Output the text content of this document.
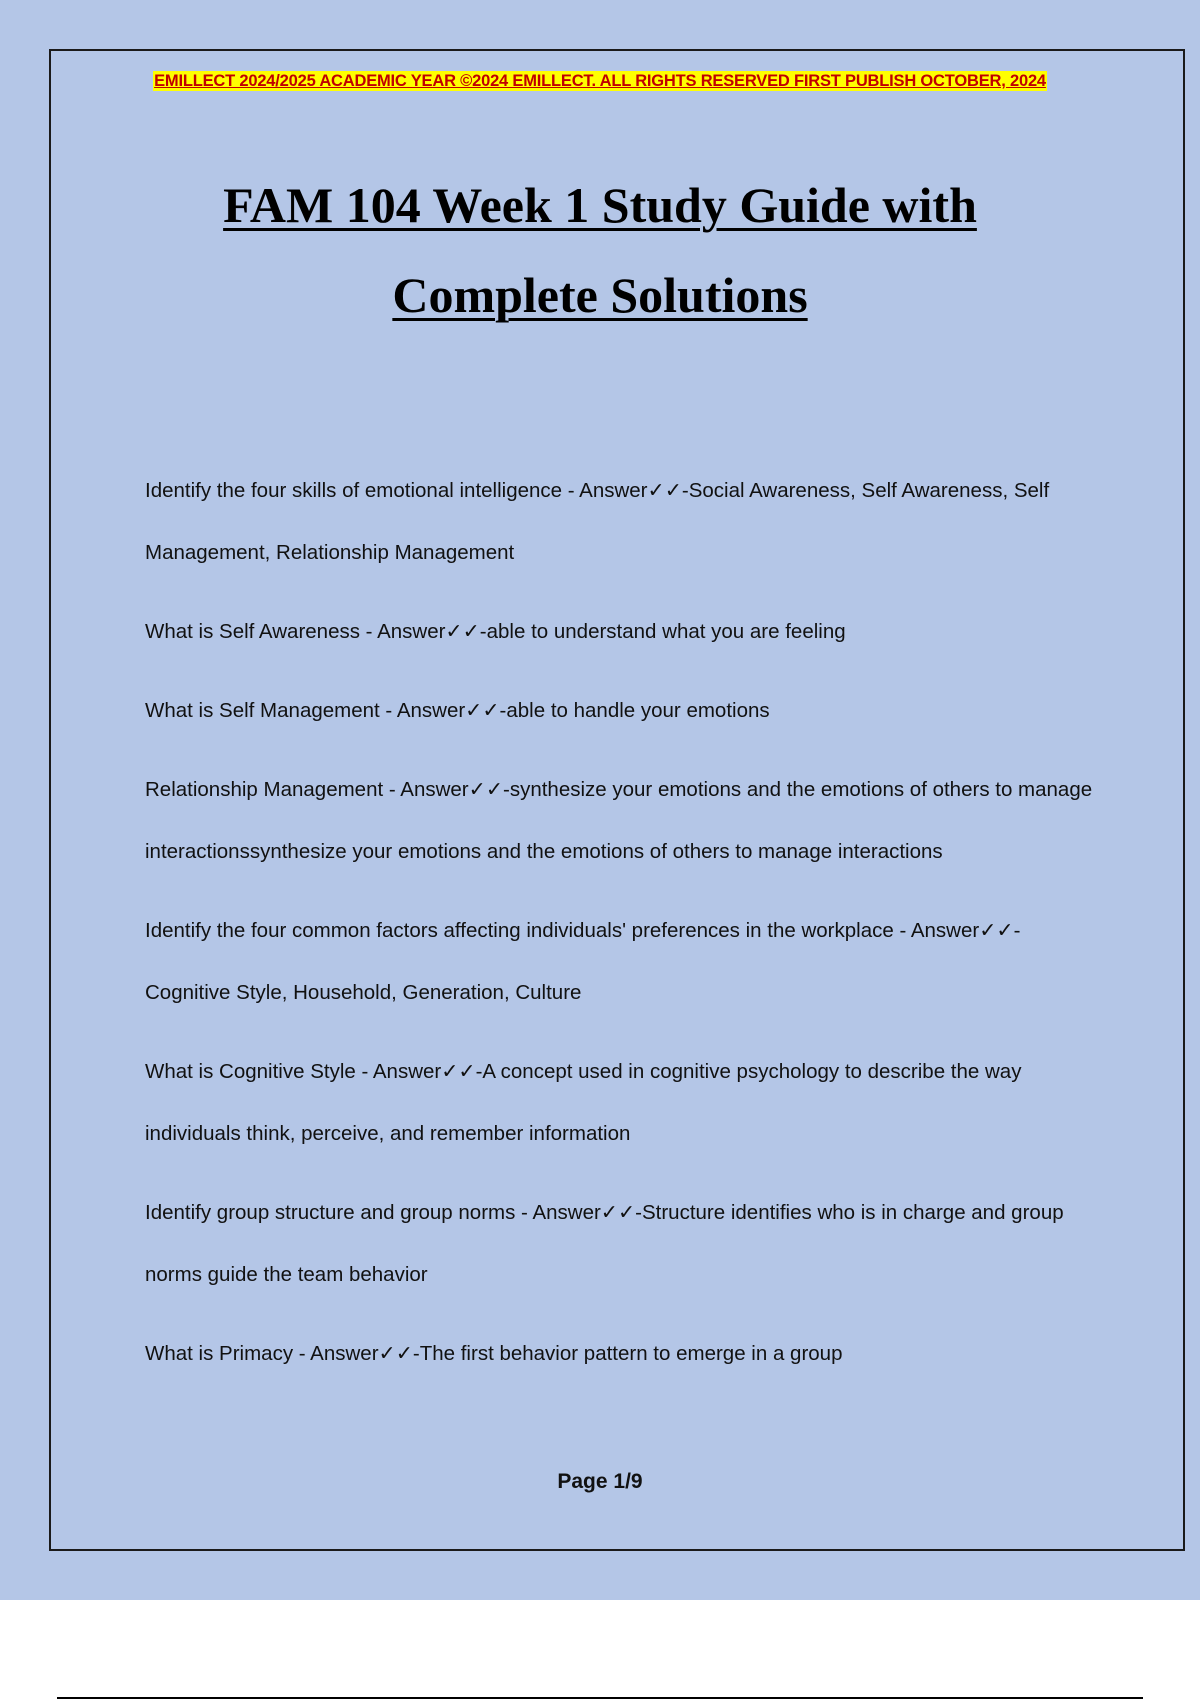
EMILLECT 2024/2025 ACADEMIC YEAR ©2024 EMILLECT. ALL RIGHTS RESERVED FIRST PUBLISH OCTOBER, 2024
FAM 104 Week 1 Study Guide with
Complete Solutions

Identify the four skills of emotional intelligence - Answer✓✓-Social Awareness, Self Awareness, Self Management, Relationship Management

What is Self Awareness - Answer✓✓-able to understand what you are feeling

What is Self Management - Answer✓✓-able to handle your emotions

Relationship Management - Answer✓✓-synthesize your emotions and the emotions of others to manage interactionssynthesize your emotions and the emotions of others to manage interactions

Identify the four common factors affecting individuals' preferences in the workplace - Answer✓✓-Cognitive Style, Household, Generation, Culture

What is Cognitive Style - Answer✓✓-A concept used in cognitive psychology to describe the way individuals think, perceive, and remember information

Identify group structure and group norms - Answer✓✓-Structure identifies who is in charge and group norms guide the team behavior

What is Primacy - Answer✓✓-The first behavior pattern to emerge in a group

Page 1/9
